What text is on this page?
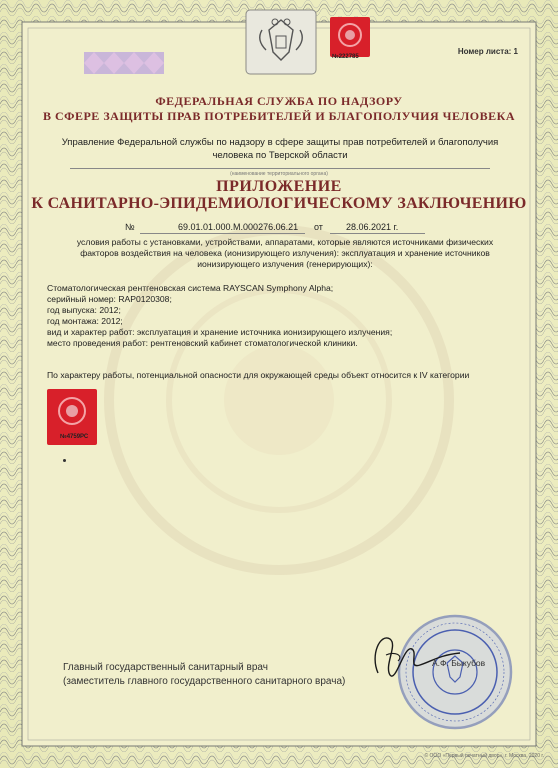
№222785
Номер листа: 1
ФЕДЕРАЛЬНАЯ СЛУЖБА ПО НАДЗОРУ
В СФЕРЕ ЗАЩИТЫ ПРАВ ПОТРЕБИТЕЛЕЙ И БЛАГОПОЛУЧИЯ ЧЕЛОВЕКА
Управление Федеральной службы по надзору в сфере защиты прав потребителей и благополучия человека по Тверской области
(наименование территориального органа)
ПРИЛОЖЕНИЕ
К САНИТАРНО-ЭПИДЕМИОЛОГИЧЕСКОМУ ЗАКЛЮЧЕНИЮ
№	69.01.01.000.М.000276.06.21 от	28.06.2021 г.
условия работы с установками, устройствами, аппаратами, которые являются источниками физических факторов воздействия на человека (ионизирующего излучения): эксплуатация и хранение источников ионизирующего излучения (генерирующих):
Стоматологическая рентгеновская система RAYSCAN Symphony Alpha;
серийный номер: RAP0120308;
год выпуска: 2012;
год монтажа: 2012;
вид и характер работ: эксплуатация и хранение источника ионизирующего излучения;
место проведения работ: рентгеновский кабинет стоматологической клиники.
По характеру работы, потенциальной опасности для окружающей среды объект относится к IV категории
№4759РС
Главный государственный санитарный врач
(заместитель главного государственного санитарного врача)
А.Ф. Быкубов
© ООО «Первый печатный двор», г. Москва, 2020 г.
